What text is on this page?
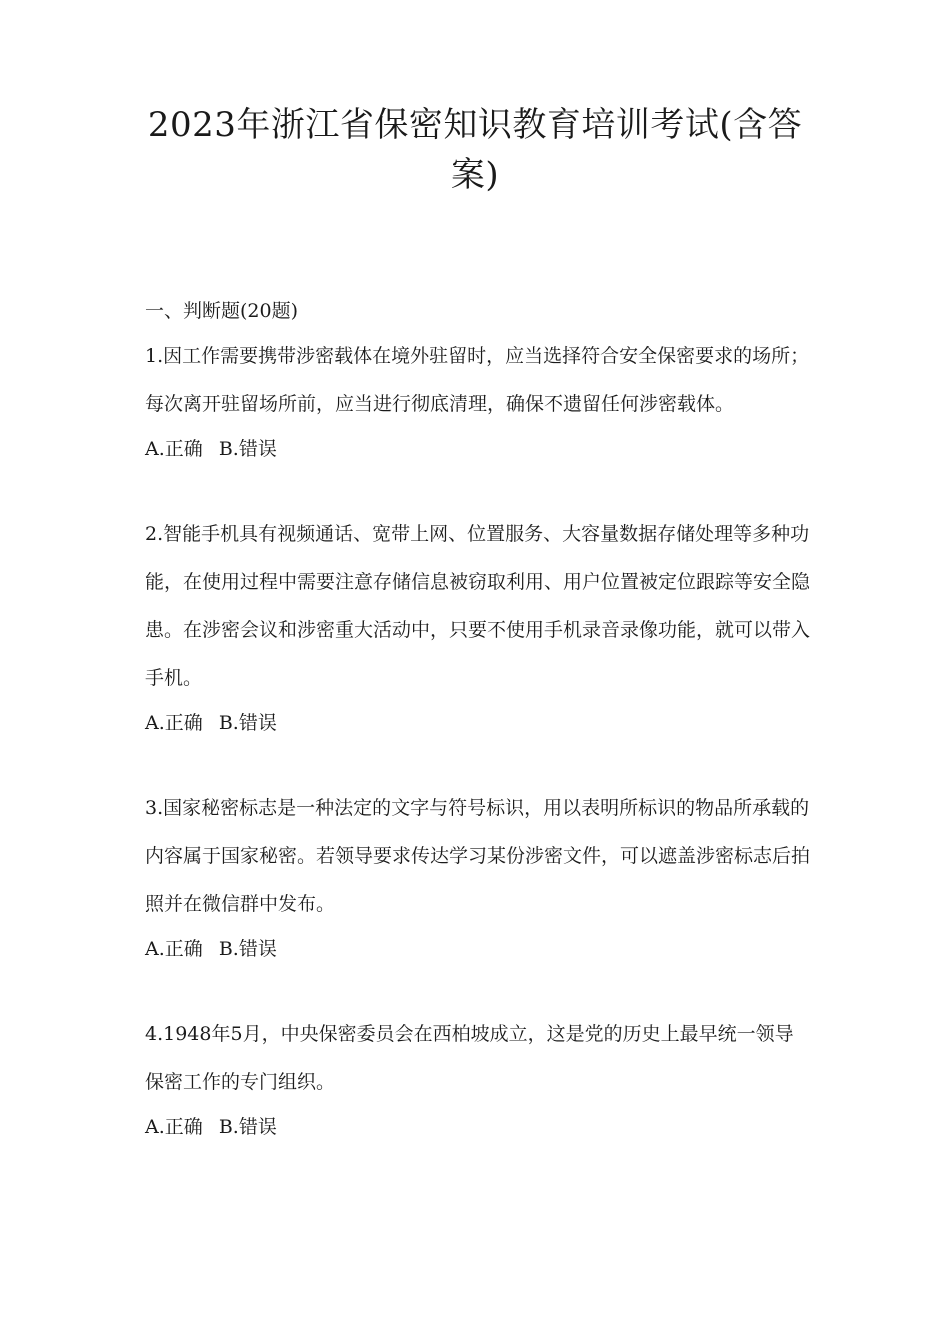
2023年浙江省保密知识教育培训考试(含答
案)
一、判断题(20题)
1.因工作需要携带涉密载体在境外驻留时，应当选择符合安全保密要求的场所；每次离开驻留场所前，应当进行彻底清理，确保不遗留任何涉密载体。
A.正确 B.错误
2.智能手机具有视频通话、宽带上网、位置服务、大容量数据存储处理等多种功能，在使用过程中需要注意存储信息被窃取利用、用户位置被定位跟踪等安全隐患。在涉密会议和涉密重大活动中，只要不使用手机录音录像功能，就可以带入手机。
A.正确 B.错误
3.国家秘密标志是一种法定的文字与符号标识，用以表明所标识的物品所承载的内容属于国家秘密。若领导要求传达学习某份涉密文件，可以遮盖涉密标志后拍照并在微信群中发布。
A.正确 B.错误
4.1948年5月，中央保密委员会在西柏坡成立，这是党的历史上最早统一领导保密工作的专门组织。
A.正确 B.错误
